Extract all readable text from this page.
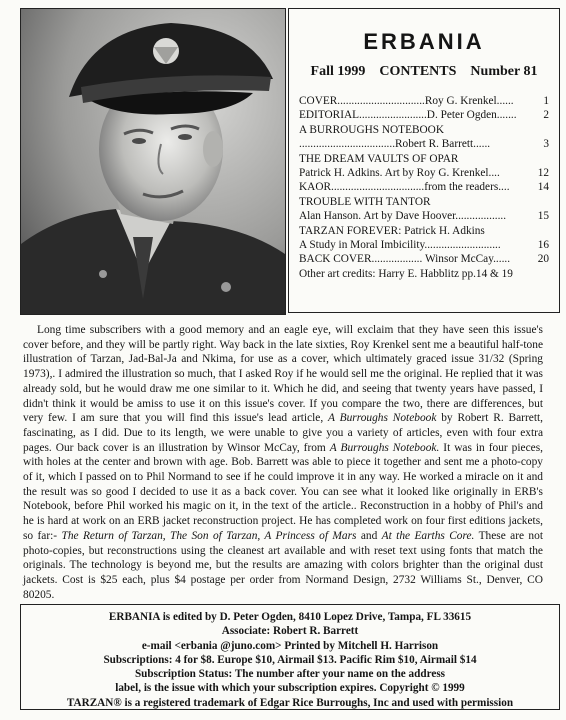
ERBANIA
Fall 1999 CONTENTS Number 81
COVER...............................Roy G. Krenkel......	1
EDITORIAL........................D. Peter Ogden.......	2
A BURROUGHS NOTEBOOK
..................................Robert R. Barrett......	3
THE DREAM VAULTS OF OPAR
Patrick H. Adkins. Art by Roy G. Krenkel....	12
KAOR.................................from the readers....	14
TROUBLE WITH TANTOR
Alan Hanson. Art by Dave Hoover..................	15
TARZAN FOREVER: Patrick H. Adkins
A Study in Moral Imbicility...........................	16
BACK COVER.................. Winsor McCay......	20
Other art credits: Harry E. Habblitz pp.14 & 19

Long time subscribers with a good memory and an eagle eye, will exclaim that they have seen this issue's cover before, and they will be partly right. Way back in the late sixties, Roy Krenkel sent me a beautiful half-tone illustration of Tarzan, Jad-Bal-Ja and Nkima, for use as a cover, which ultimately graced issue 31/32 (Spring 1973),. I admired the illustration so much, that I asked Roy if he would sell me the original. He replied that it was already sold, but he would draw me one similar to it. Which he did, and seeing that twenty years have passed, I didn't think it would be amiss to use it on this issue's cover. If you compare the two, there are differences, but very few. I am sure that you will find this issue's lead article, A Burroughs Notebook by Robert R. Barrett, fascinating, as I did. Due to its length, we were unable to give you a variety of articles, even with four extra pages. Our back cover is an illustration by Winsor McCay, from A Burroughs Notebook. It was in four pieces, with holes at the center and brown with age. Bob. Barrett was able to piece it together and sent me a photo-copy of it, which I passed on to Phil Normand to see if he could improve it in any way. He worked a miracle on it and the result was so good I decided to use it as a back cover. You can see what it looked like originally in ERB's Notebook, before Phil worked his magic on it, in the text of the article.. Reconstruction in a hobby of Phil's and he is hard at work on an ERB jacket reconstruction project. He has completed work on four first editions jackets, so far:- The Return of Tarzan, The Son of Tarzan, A Princess of Mars and At the Earths Core. These are not photo-copies, but reconstructions using the cleanest art available and with reset text using fonts that match the originals. The technology is beyond me, but the results are amazing with colors brighter than the original dust jackets. Cost is $25 each, plus $4 postage per order from Normand Design, 2732 Williams St., Denver, CO 80205.

ERBANIA is edited by D. Peter Ogden, 8410 Lopez Drive, Tampa, FL 33615
Associate: Robert R. Barrett
e-mail <erbania @juno.com> Printed by Mitchell H. Harrison
Subscriptions: 4 for $8. Europe $10, Airmail $13. Pacific Rim $10, Airmail $14
Subscription Status: The number after your name on the address
label, is the issue with which your subscription expires. Copyright © 1999
TARZAN® is a registered trademark of Edgar Rice Burroughs, Inc and used with permission
